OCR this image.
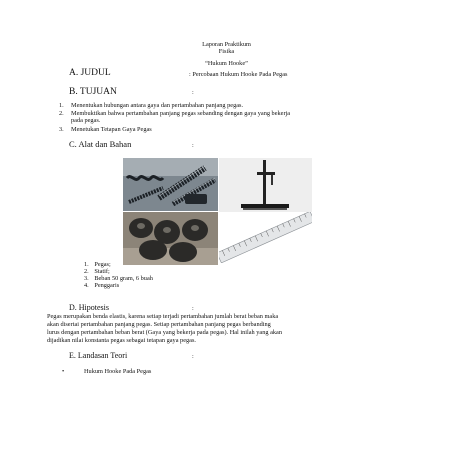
Laporan Praktikum
Fisika
“Hukum Hooke”
A. JUDUL	: Percobaan Hukum Hooke Pada Pegas
B. TUJUAN	:
1. Menentukan hubungan antara gaya dan pertambahan panjang pegas.
2. Membuktikan bahwa pertambahan panjang pegas sebanding dengan gaya yang bekerja
pada pegas.
3. Menetukan Tetapan Gaya Pegas
C. Alat dan Bahan	:
1. Pegas;
2. Statif;
3. Beban 50 gram, 6 buah
4. Penggaris
D. Hipotesis	:
Pegas merupakan benda elastis, karena setiap terjadi pertambahan jumlah berat beban maka
akan disertai pertambahan panjang pegas. Setiap pertambahan panjang pegas berbanding
lurus dengan pertambahan beban berat (Gaya yang bekerja pada pegas). Hal inilah yang akan
dijadikan nilai konstanta pegas sebagai tetapan gaya pegas.
E. Landasan Teori	:
•	Hukum Hooke Pada Pegas
